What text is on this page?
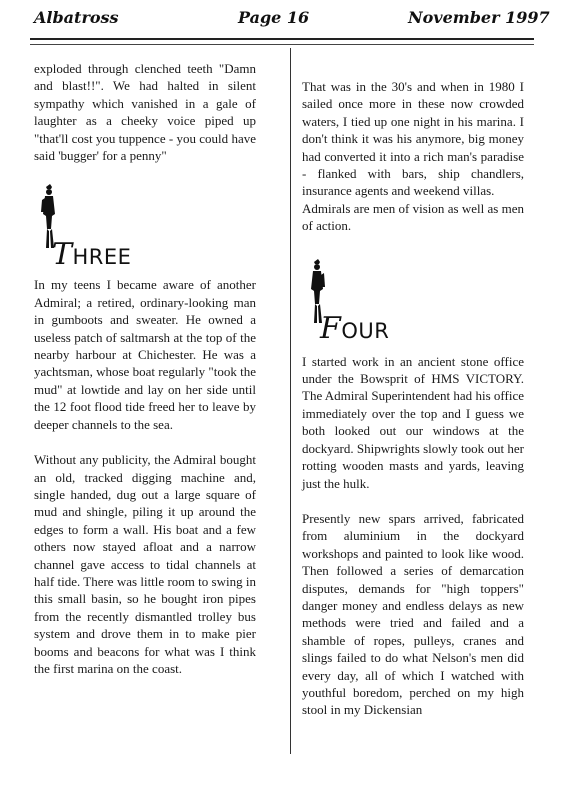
Albatross	Page 16	November 1997

exploded through clenched teeth "Damn and blast!!". We had halted in silent sympathy which vanished in a gale of laughter as a cheeky voice piped up "that'll cost you tuppence - you could have said 'bugger' for a penny"

THREE

In my teens I became aware of another Admiral; a retired, ordinary-looking man in gumboots and sweater. He owned a useless patch of saltmarsh at the top of the nearby harbour at Chichester. He was a yachtsman, whose boat regularly "took the mud" at lowtide and lay on her side until the 12 foot flood tide freed her to leave by deeper channels to the sea.

Without any publicity, the Admiral bought an old, tracked digging machine and, single handed, dug out a large square of mud and shingle, piling it up around the edges to form a wall. His boat and a few others now stayed afloat and a narrow channel gave access to tidal channels at half tide. There was little room to swing in this small basin, so he bought iron pipes from the recently dismantled trolley bus system and drove them in to make pier booms and beacons for what was I think the first marina on the coast.

That was in the 30's and when in 1980 I sailed once more in these now crowded waters, I tied up one night in his marina. I don't think it was his anymore, big money had converted it into a rich man's paradise - flanked with bars, ship chandlers, insurance agents and weekend villas.

Admirals are men of vision as well as men of action.

FOUR

I started work in an ancient stone office under the Bowsprit of HMS VICTORY. The Admiral Superintendent had his office immediately over the top and I guess we both looked out our windows at the dockyard. Shipwrights slowly took out her rotting wooden masts and yards, leaving just the hulk.

Presently new spars arrived, fabricated from aluminium in the dockyard workshops and painted to look like wood. Then followed a series of demarcation disputes, demands for "high toppers" danger money and endless delays as new methods were tried and failed and a shamble of ropes, pulleys, cranes and slings failed to do what Nelson's men did every day, all of which I watched with youthful boredom, perched on my high stool in my Dickensian
